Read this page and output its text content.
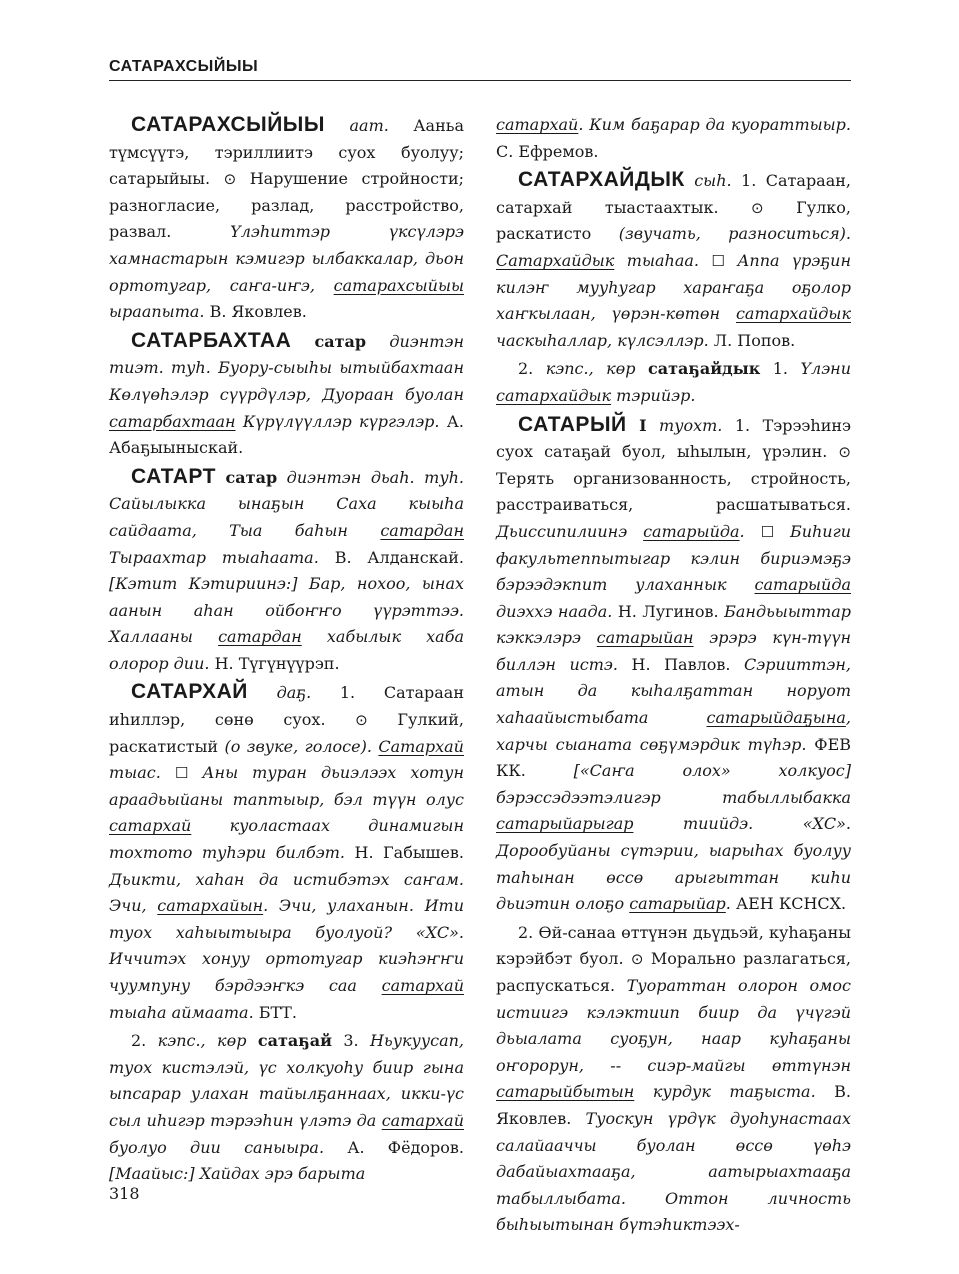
САТАРАХСЫЙЫЫ

САТАРАХСЫЙЫЫ аат. Ааньа түмсүүтэ, тэриллиитэ суох буолуу; сатарыйыы. ⊙ Нарушение стройности; разногласие, разлад, расстройство, развал.	Үлэһиттэр үксүлэрэ хамнастарын кэмигэр ылбаккалар, дьон ортотугар, саҥа-иҥэ, сатарахсыйыы ыраапыта. В. Яковлев.

САТАРБАХТАА сатар диэнтэн тиэт. туһ. Буору-сыыһы ытыйбахтаан Көлүөһэлэр сүүрдүлэр, Дуораан буолан сатарбахтаан Күрүлүүллэр күргэлэр. А. Абаҕыыныскай.

САТАРТ сатар диэнтэн дьаһ. туһ. Сайылыкка ынаҕын Саха кыыһа сайдаата, Тыа баһын сатардан Тыраахтар тыаһаата. В. Алданскай. [Кэтит Кэтириинэ:] Бар, нохоо, ынах аанын аһан ойбоҥҥо үүрэттээ. Халлааны сатардан хабылык хаба олорор дии. Н. Түгүнүүрэп.

САТАРХАЙ даҕ. 1. Сатараан иһиллэр, сөнө суох. ⊙ Гулкий, раскатистый (о звуке, голосе). Сатархай тыас. ☐ Аны туран дьиэлээх хотун араадьыйаны таптыыр, бэл түүн олус сатархай куоластаах динамигын тохтото туһэри билбэт. Н. Габышев. Дьикти, хаһан да истибэтэх саҥам. Эчи, сатархайын. Эчи, улаханын. Ити туох хаһыытыыра буолуой? «ХС». Иччитэх хонуу ортотугар киэһэҥҥи чуумпуну бэрдээҥкэ саа сатархай тыаһа аймаата. БТТ.

2. кэпс., көр сатаҕай 3. Ньукуусап, туох кистэлэй, үс холкуоһу биир гына ыпсарар улахан тайылҕаннаах, икки-үс сыл иһигэр тэрээһин үлэтэ да сатархай буолуо дии саныыра. А. Фёдоров. [Маайыс:] Хайдах эрэ барыта

сатархай. Ким баҕарар да куораттыыр. С. Ефремов.

САТАРХАЙДЫК сыһ. 1. Сатараан, сатархай тыастаахтык. ⊙ Гулко, раскатисто (звучать, разноситься). Сатархайдык тыаһаа. ☐ Аппа үрэҕин килэҥ мууһугар хараҥаҕа оҕолор хаҥкылаан, үөрэн-көтөн сатархайдык часкыһаллар, күлсэллэр. Л. Попов.

2. кэпс., көр сатаҕайдык 1. Үлэни сатархайдык тэрийэр.

САТАРЫЙ I туохт. 1. Тэрээһинэ суох сатаҕай буол, ыһылын, үрэлин. ⊙ Терять организованность, стройность, расстраиваться, расшатываться. Дьиссипилиинэ сатарыйда. ☐ Биһиги факультеппытыгар кэлин бириэмэҕэ бэрээдэкпит улаханнык сатарыйда диэххэ наада. Н. Лугинов. Бандьыыттар кэккэлэрэ сатарыйан эрэрэ күн-түүн биллэн истэ. Н. Павлов. Сэрииттэн, атын да кыһалҕаттан норуот хаһаайыстыбата	сатарыйдаҕына, харчы сыаната сөҕүмэрдик түһэр. ФЕВ КК.	[«Саҥа олох» холкуос] бэрэссэдээтэлигэр табыллыбакка сатарыйарыгар	тиийдэ. «ХС». Дорообуйаны сүтэрии, ыарыһах буолуу таһынан өссө арыгыттан киһи дьиэтин олоҕо сатарыйар. АЕН КСНСХ.

2. Өй-санаа өттүнэн дьүдьэй, куһаҕаны кэрэйбэт буол. ⊙ Морально разлагаться, распускаться. Туораттан олорон омос истиигэ кэлэктиип биир да үчүгэй дьыалата суоҕун, наар куһаҕаны оҥорорун, -- сиэр-майгы өттүнэн сатарыйбытын курдук таҕыста. В. Яковлев. Туоскун үрдүк дуоһунастаах салайааччы буолан өссө үөһэ дабайыахтааҕа, аатырыахтааҕа табыллыбата. Оттон личность быһыытынан бүтэһиктээх-

318
